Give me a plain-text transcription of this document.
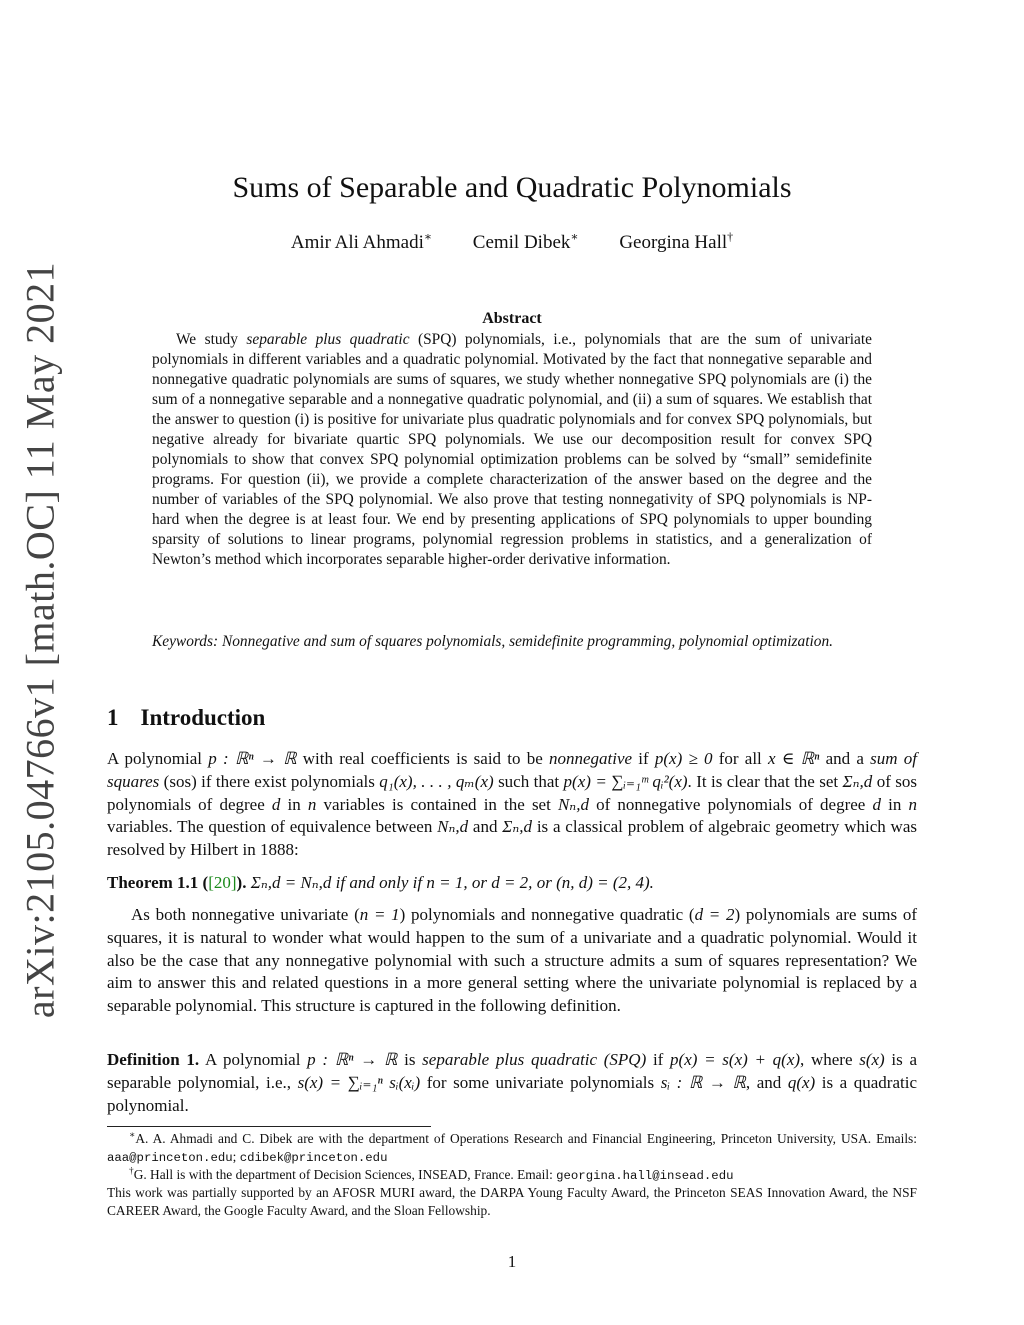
arXiv:2105.04766v1 [math.OC] 11 May 2021
Sums of Separable and Quadratic Polynomials
Amir Ali Ahmadi∗ Cemil Dibek∗ Georgina Hall†
Abstract

We study separable plus quadratic (SPQ) polynomials, i.e., polynomials that are the sum of univariate polynomials in different variables and a quadratic polynomial. Motivated by the fact that nonnegative separable and nonnegative quadratic polynomials are sums of squares, we study whether nonnegative SPQ polynomials are (i) the sum of a nonnegative separable and a nonnegative quadratic polynomial, and (ii) a sum of squares. We establish that the answer to question (i) is positive for univariate plus quadratic polynomials and for convex SPQ polynomials, but negative already for bivariate quartic SPQ polynomials. We use our decomposition result for convex SPQ polynomials to show that convex SPQ polynomial optimization problems can be solved by “small” semidefinite programs. For question (ii), we provide a complete characterization of the answer based on the degree and the number of variables of the SPQ polynomial. We also prove that testing nonnegativity of SPQ polynomials is NP-hard when the degree is at least four. We end by presenting applications of SPQ polynomials to upper bounding sparsity of solutions to linear programs, polynomial regression problems in statistics, and a generalization of Newton’s method which incorporates separable higher-order derivative information.

Keywords: Nonnegative and sum of squares polynomials, semidefinite programming, polynomial optimization.

1 Introduction

A polynomial p : ℝⁿ → ℝ with real coefficients is said to be nonnegative if p(x) ≥ 0 for all x ∈ ℝⁿ and a sum of squares (sos) if there exist polynomials q₁(x), . . . , qₘ(x) such that p(x) = ∑ᵢ₌₁ᵐ qᵢ²(x). It is clear that the set Σₙ,d of sos polynomials of degree d in n variables is contained in the set Nₙ,d of nonnegative polynomials of degree d in n variables. The question of equivalence between Nₙ,d and Σₙ,d is a classical problem of algebraic geometry which was resolved by Hilbert in 1888:

Theorem 1.1 ([20]). Σₙ,d = Nₙ,d if and only if n = 1, or d = 2, or (n, d) = (2, 4).

As both nonnegative univariate (n = 1) polynomials and nonnegative quadratic (d = 2) polynomials are sums of squares, it is natural to wonder what would happen to the sum of a univariate and a quadratic polynomial. Would it also be the case that any nonnegative polynomial with such a structure admits a sum of squares representation? We aim to answer this and related questions in a more general setting where the univariate polynomial is replaced by a separable polynomial. This structure is captured in the following definition.

Definition 1. A polynomial p : ℝⁿ → ℝ is separable plus quadratic (SPQ) if p(x) = s(x) + q(x), where s(x) is a separable polynomial, i.e., s(x) = ∑ᵢ₌₁ⁿ sᵢ(xᵢ) for some univariate polynomials sᵢ : ℝ → ℝ, and q(x) is a quadratic polynomial.

∗A. A. Ahmadi and C. Dibek are with the department of Operations Research and Financial Engineering, Princeton University, USA. Emails: aaa@princeton.edu; cdibek@princeton.edu

†G. Hall is with the department of Decision Sciences, INSEAD, France. Email: georgina.hall@insead.edu

This work was partially supported by an AFOSR MURI award, the DARPA Young Faculty Award, the Princeton SEAS Innovation Award, the NSF CAREER Award, the Google Faculty Award, and the Sloan Fellowship.

1
